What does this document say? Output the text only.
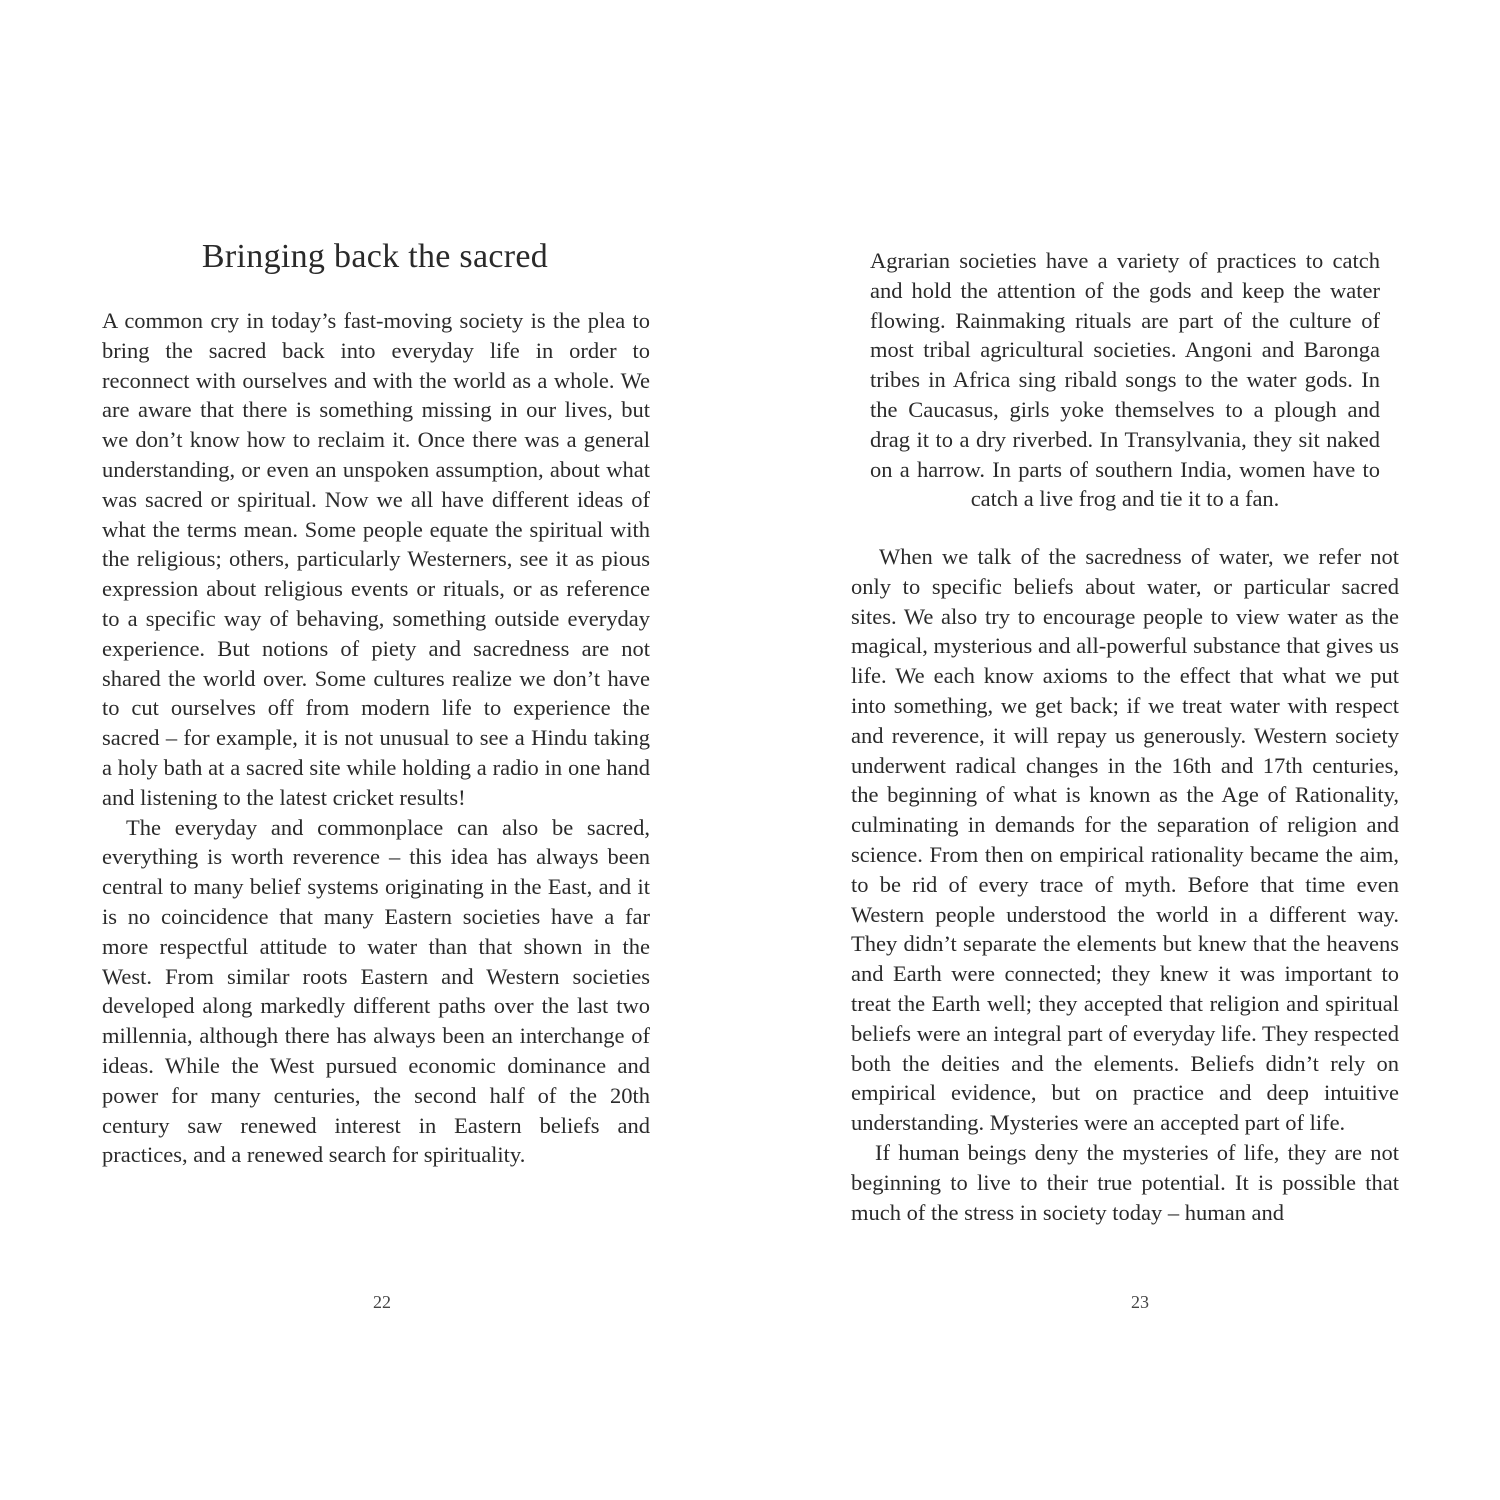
Bringing back the sacred

A common cry in today’s fast-moving society is the plea to bring the sacred back into everyday life in order to reconnect with ourselves and with the world as a whole. We are aware that there is something missing in our lives, but we don’t know how to reclaim it. Once there was a general understanding, or even an unspoken assumption, about what was sacred or spiritual. Now we all have different ideas of what the terms mean. Some people equate the spiritual with the religious; others, particularly Westerners, see it as pious expression about religious events or rituals, or as reference to a specific way of behaving, something outside everyday experience. But notions of piety and sacredness are not shared the world over. Some cultures realize we don’t have to cut ourselves off from modern life to experience the sacred – for example, it is not unusual to see a Hindu taking a holy bath at a sacred site while holding a radio in one hand and listening to the latest cricket results!

The everyday and commonplace can also be sacred, everything is worth reverence – this idea has always been central to many belief systems originating in the East, and it is no coincidence that many Eastern societies have a far more respectful attitude to water than that shown in the West. From similar roots Eastern and Western societies developed along markedly different paths over the last two millennia, although there has always been an interchange of ideas. While the West pursued economic dominance and power for many centuries, the second half of the 20th century saw renewed interest in Eastern beliefs and practices, and a renewed search for spirituality.

22

Agrarian societies have a variety of practices to catch and hold the attention of the gods and keep the water flowing. Rainmaking rituals are part of the culture of most tribal agricultural societies. Angoni and Baronga tribes in Africa sing ribald songs to the water gods. In the Caucasus, girls yoke themselves to a plough and drag it to a dry riverbed. In Transylvania, they sit naked on a harrow. In parts of southern India, women have to catch a live frog and tie it to a fan.

When we talk of the sacredness of water, we refer not only to specific beliefs about water, or particular sacred sites. We also try to encourage people to view water as the magical, mysterious and all-powerful substance that gives us life. We each know axioms to the effect that what we put into something, we get back; if we treat water with respect and reverence, it will repay us generously. Western society underwent radical changes in the 16th and 17th centuries, the beginning of what is known as the Age of Rationality, culminating in demands for the separation of religion and science. From then on empirical rationality became the aim, to be rid of every trace of myth. Before that time even Western people understood the world in a different way. They didn’t separate the elements but knew that the heavens and Earth were connected; they knew it was important to treat the Earth well; they accepted that religion and spiritual beliefs were an integral part of everyday life. They respected both the deities and the elements. Beliefs didn’t rely on empirical evidence, but on practice and deep intuitive understanding. Mysteries were an accepted part of life.

If human beings deny the mysteries of life, they are not beginning to live to their true potential. It is possible that much of the stress in society today – human and

23
